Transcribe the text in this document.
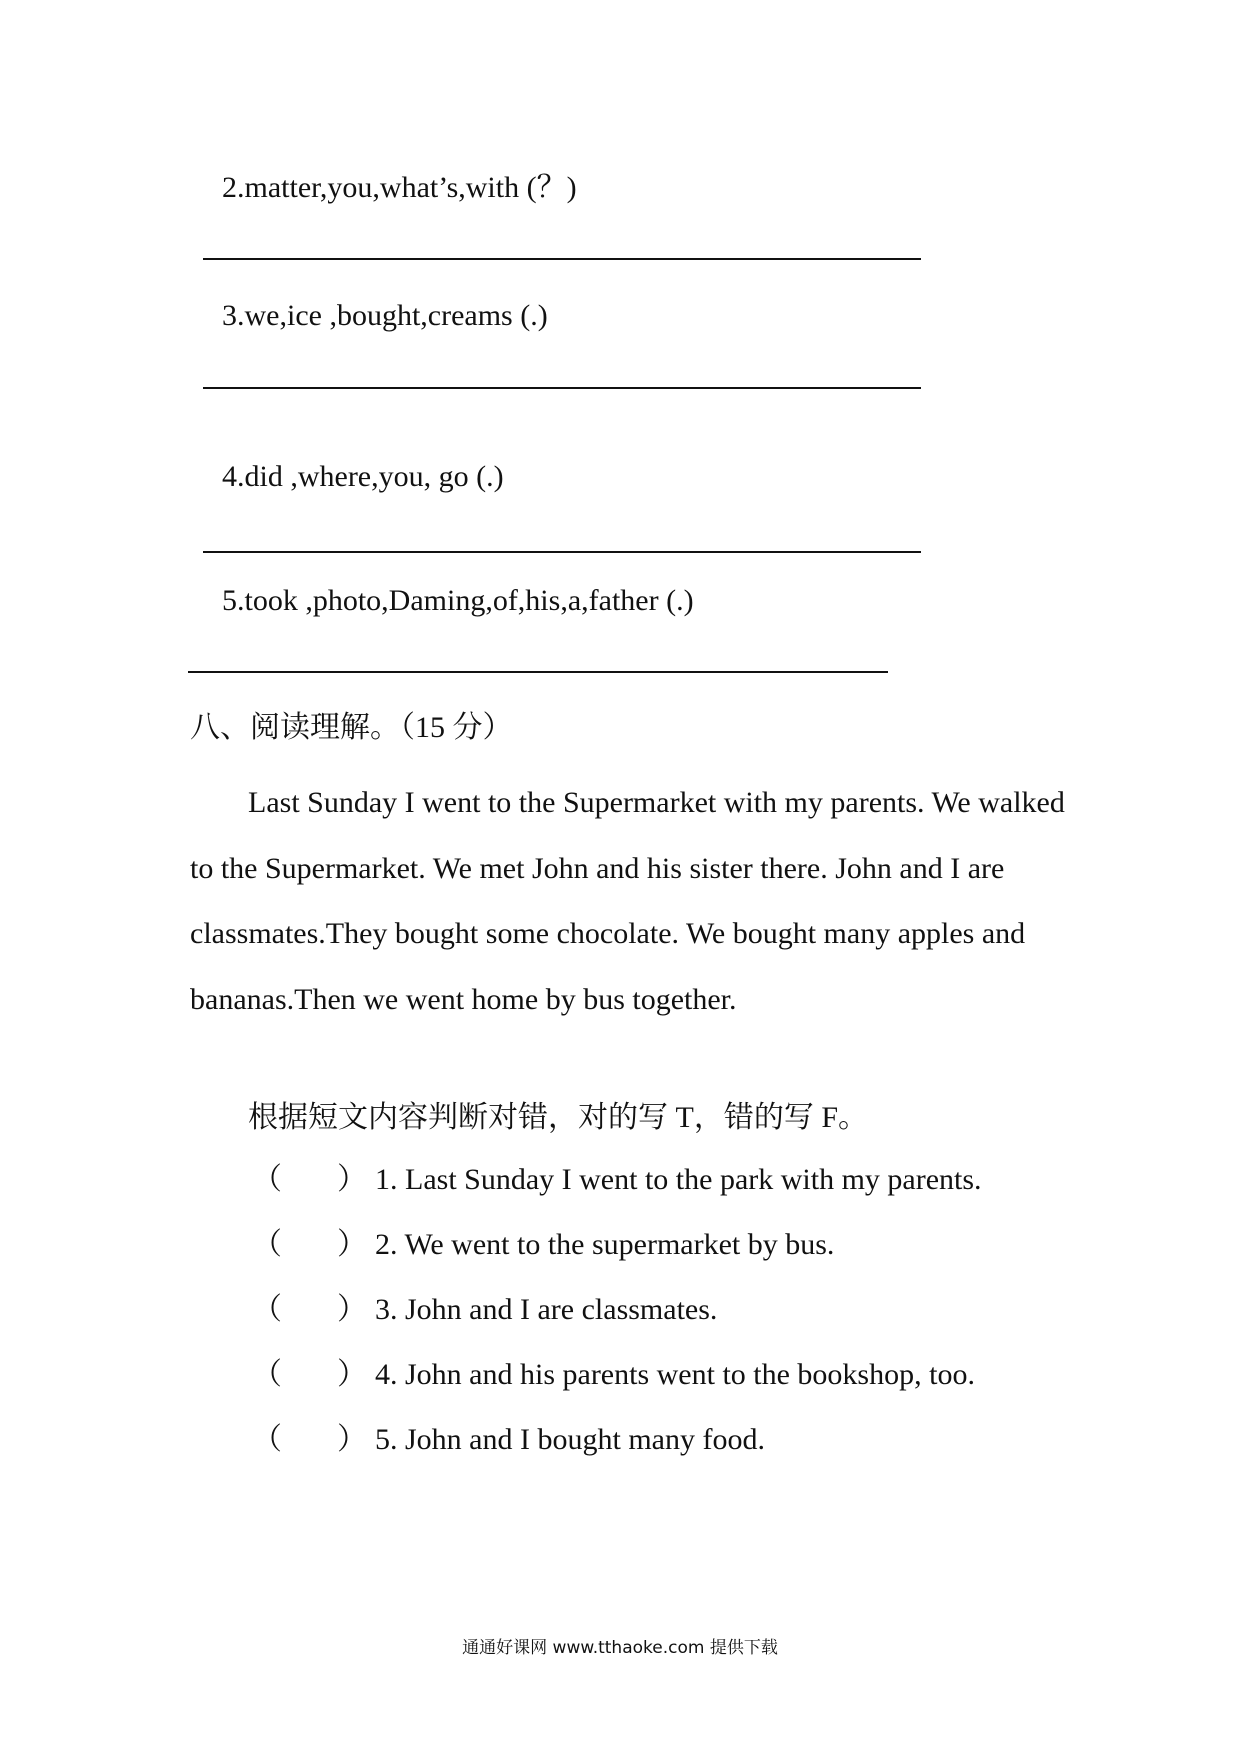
2.matter,you,what’s,with (？)
3.we,ice ,bought,creams (.)
4.did ,where,you, go (.)
5.took ,photo,Daming,of,his,a,father (.)
八、阅读理解。（15 分）

Last Sunday I went to the Supermarket with my parents. We walked to the Supermarket. We met John and his sister there. John and I are classmates.They bought some chocolate. We bought many apples and bananas.Then we went home by bus together.

根据短文内容判断对错，对的写 T，错的写 F。
（ ） 1. Last Sunday I went to the park with my parents.
（ ） 2. We went to the supermarket by bus.
（ ） 3. John and I are classmates.
（ ） 4. John and his parents went to the bookshop, too.
（ ） 5. John and I bought many food.
通通好课网 www.tthaoke.com 提供下载
